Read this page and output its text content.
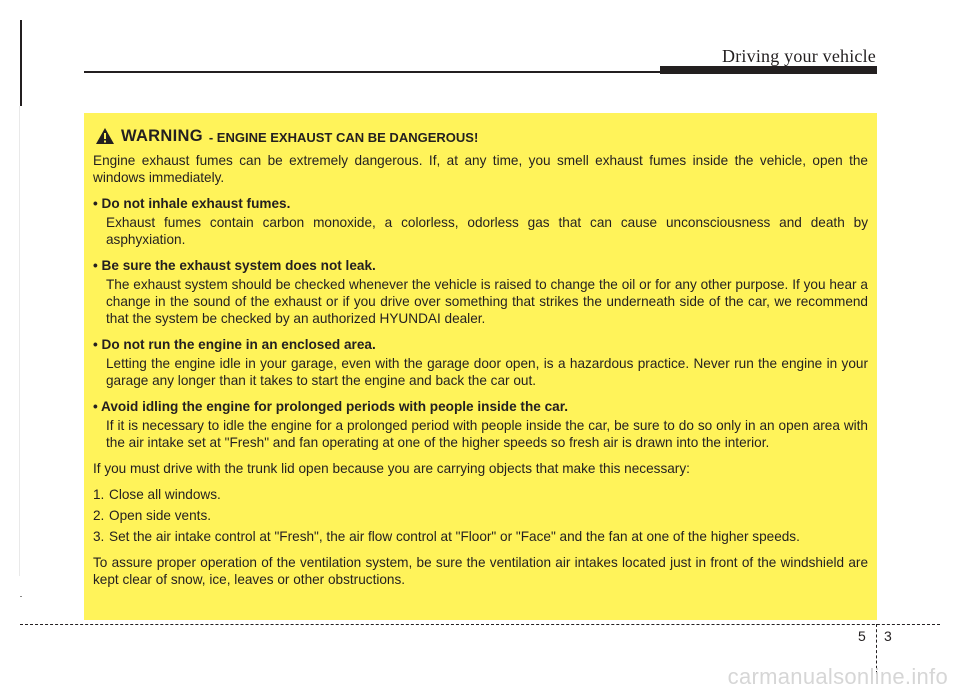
Driving your vehicle
WARNING - ENGINE EXHAUST CAN BE DANGEROUS!

Engine exhaust fumes can be extremely dangerous. If, at any time, you smell exhaust fumes inside the vehicle, open the windows immediately.

• Do not inhale exhaust fumes.

Exhaust fumes contain carbon monoxide, a colorless, odorless gas that can cause unconsciousness and death by asphyxiation.

• Be sure the exhaust system does not leak.

The exhaust system should be checked whenever the vehicle is raised to change the oil or for any other purpose. If you hear a change in the sound of the exhaust or if you drive over something that strikes the underneath side of the car, we recommend that the system be checked by an authorized HYUNDAI dealer.

• Do not run the engine in an enclosed area.

Letting the engine idle in your garage, even with the garage door open, is a hazardous practice. Never run the engine in your garage any longer than it takes to start the engine and back the car out.

• Avoid idling the engine for prolonged periods with people inside the car.

If it is necessary to idle the engine for a prolonged period with people inside the car, be sure to do so only in an open area with the air intake set at "Fresh" and fan operating at one of the higher speeds so fresh air is drawn into the interior.

If you must drive with the trunk lid open because you are carrying objects that make this necessary:

1. Close all windows.

2. Open side vents.

3. Set the air intake control at "Fresh", the air flow control at "Floor" or "Face" and the fan at one of the higher speeds.

To assure proper operation of the ventilation system, be sure the ventilation air intakes located just in front of the windshield are kept clear of snow, ice, leaves or other obstructions.

5 3
carmanualsonline.info
